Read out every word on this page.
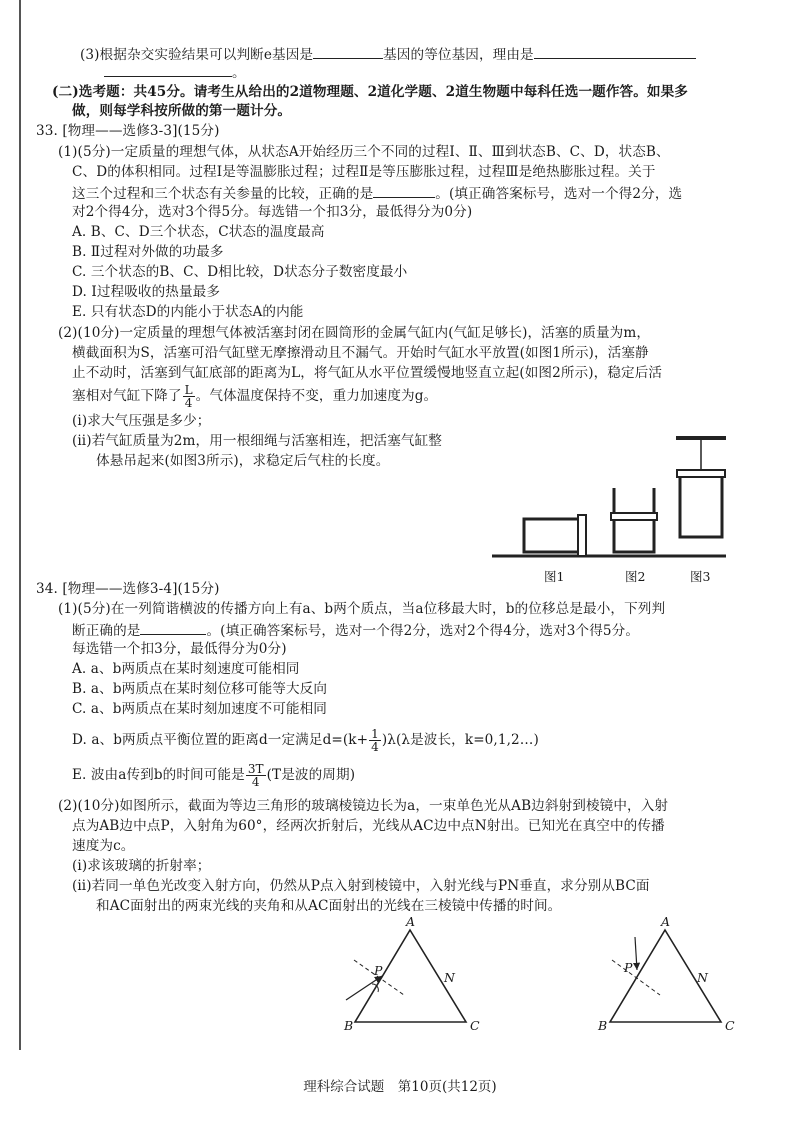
(3)根据杂交实验结果可以判断e基因是	基因的等位基因，理由是
。
(二)选考题：共45分。请考生从给出的2道物理题、2道化学题、2道生物题中每科任选一题作答。如果多
做，则每学科按所做的第一题计分。
33. [物理——选修3-3](15分)
(1)(5分)一定质量的理想气体，从状态A开始经历三个不同的过程Ⅰ、Ⅱ、Ⅲ到状态B、C、D，状态B、
C、D的体积相同。过程Ⅰ是等温膨胀过程；过程Ⅱ是等压膨胀过程，过程Ⅲ是绝热膨胀过程。关于
这三个过程和三个状态有关参量的比较，正确的是	。(填正确答案标号，选对一个得2分，选
对2个得4分，选对3个得5分。每选错一个扣3分，最低得分为0分)
A. B、C、D三个状态，C状态的温度最高
B. Ⅱ过程对外做的功最多
C. 三个状态的B、C、D相比较，D状态分子数密度最小
D. Ⅰ过程吸收的热量最多
E. 只有状态D的内能小于状态A的内能
(2)(10分)一定质量的理想气体被活塞封闭在圆筒形的金属气缸内(气缸足够长)，活塞的质量为m，
横截面积为S，活塞可沿气缸壁无摩擦滑动且不漏气。开始时气缸水平放置(如图1所示)，活塞静
止不动时，活塞到气缸底部的距离为L，将气缸从水平位置缓慢地竖直立起(如图2所示)，稳定后活
塞相对气缸下降了 $\frac{L}{4}$ 。气体温度保持不变，重力加速度为g。
(ⅰ)求大气压强是多少；
(ⅱ)若气缸质量为2m，用一根细绳与活塞相连，把活塞气缸整
体悬吊起来(如图3所示)，求稳定后气柱的长度。
图1	图2	图3
34. [物理——选修3-4](15分)
(1)(5分)在一列简谐横波的传播方向上有a、b两个质点，当a位移最大时，b的位移总是最小，下列判
断正确的是	。(填正确答案标号，选对一个得2分，选对2个得4分，选对3个得5分。
每选错一个扣3分，最低得分为0分)
A. a、b两质点在某时刻速度可能相同
B. a、b两质点在某时刻位移可能等大反向
C. a、b两质点在某时刻加速度不可能相同
D. a、b两质点平衡位置的距离d一定满足$d=(k+ \frac{1}{4} )\lambda(\lambda$是波长，k=0,1,2…)
E. 波由a传到b的时间可能是 $\frac{3T}{4} (T$是波的周期)
(2)(10分)如图所示，截面为等边三角形的玻璃棱镜边长为a，一束单色光从AB边斜射到棱镜中，入射
点为AB边中点P，入射角为60°，经两次折射后，光线从AC边中点N射出。已知光在真空中的传播
速度为c。
(ⅰ)求该玻璃的折射率；
(ⅱ)若同一单色光改变入射方向，仍然从P点入射到棱镜中，入射光线与PN垂直，求分别从BC面
和AC面射出的两束光线的夹角和从AC面射出的光线在三棱镜中传播的时间。
A
B	C
P	N
A
B	C
P
N
理科综合试题　第10页(共12页)
